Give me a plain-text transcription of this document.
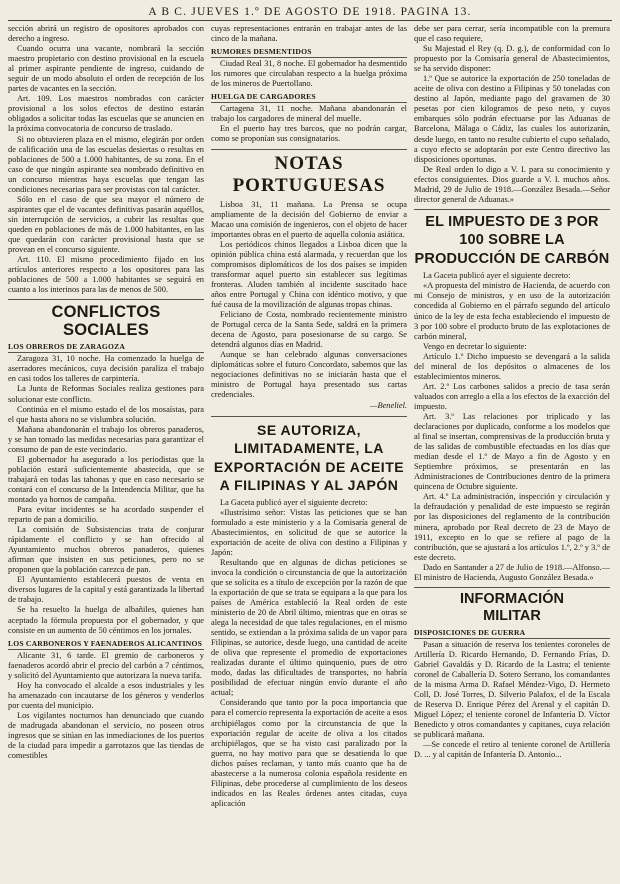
A B C. JUEVES 1.º DE AGOSTO DE 1918. PAGINA 13.

sección abrirá un registro de opositores aprobados con derecho a ingreso.

Cuando ocurra una vacante, nombrará la sección maestro propietario con destino provisional en la escuela al primer aspirante pendiente de ingreso, cuidando de seguir de un modo absoluto el orden de recepción de los partes de vacantes en la sección.

Art. 109. Los maestros nombrados con carácter provisional a los solos efectos de destino estarán obligados a solicitar todas las escuelas que se anuncien en la próxima convocatoria de concurso de traslado.

Si no obtuvieren plaza en el mismo, elegirán por orden de calificación una de las escuelas desiertas o resultas en poblaciones de 500 a 1.000 habitantes, de su zona. En el caso de que ningún aspirante sea nombrado definitivo en un concurso mientras haya escuelas que tengan las condiciones necesarias para ser provistas con tal carácter.

Sólo en el caso de que sea mayor el número de aspirantes que el de vacantes definitivas pasarán aquéllos, sin interrupción de servicios, a cubrir las resultas que queden en poblaciones de más de 1.000 habitantes, en las que quedarán con carácter provisional hasta que se provean en el concurso siguiente.

Art. 110. El mismo procedimiento fijado en los artículos anteriores respecto a los opositores para las poblaciones de 500 a 1.000 habitantes se seguirá en cuanto a los interinos para las de menos de 500.

CONFLICTOS SOCIALES
LOS OBREROS DE ZARAGOZA

Zaragoza 31, 10 noche. Ha comenzado la huelga de aserradores mecánicos, cuya decisión paraliza el trabajo en casi todos los talleres de carpintería.

La Junta de Reformas Sociales realiza gestiones para solucionar este conflicto.

Continúa en el mismo estado el de los mosaístas, para el que hasta ahora no se vislumbra solución.

Mañana abandonarán el trabajo los obreros panaderos, y se han tomado las medidas necesarias para garantizar el consumo de pan de este vecindario.

El gobernador ha asegurado a los periodistas que la población estará suficientemente abastecida, que se trabajará en todas las tahonas y que en caso necesario se contará con el concurso de la Intendencia Militar, que ha montado ya hornos de campaña.

Para evitar incidentes se ha acordado suspender el reparto de pan a domicilio.

La comisión de Subsistencias trata de conjurar rápidamente el conflicto y se han ofrecido al Ayuntamiento muchos obreros panaderos, quienes afirman que insisten en sus peticiones, pero no se proponen que la población carezca de pan.

El Ayuntamiento establecerá puestos de venta en diversos lugares de la capital y está garantizada la libertad de trabajo.

Se ha resuelto la huelga de albañiles, quienes han aceptado la fórmula propuesta por el gobernador, y que consiste en un aumento de 50 céntimos en los jornales.

LOS CARBONEROS Y FAENADEROS ALICANTINOS

Alicante 31, 6 tarde. El gremio de carboneros y faenaderos acordó abrir el precio del carbón a 7 céntimos, y solicitó del Ayuntamiento que autorizara la nueva tarifa.

Hoy ha convocado el alcalde a esos industriales y les ha amenazado con incautarse de los géneros y venderlos por cuenta del municipio.

Los vigilantes nocturnos han denunciado que cuando de madrugada abandonan el servicio, no poseen otros ingresos que se sitúan en las inmediaciones de los puertos de la ciudad para impedir a garrotazos que las tiendas de comestibles

cuyas representaciones entrarán en trabajar antes de las cinco de la mañana.

RUMORES DESMENTIDOS

Ciudad Real 31, 8 noche. El gobernador ha desmentido los rumores que circulaban respecto a la huelga próxima de los mineros de Puertollano.

HUELGA DE CARGADORES

Cartagena 31, 11 noche. Mañana abandonarán el trabajo los cargadores de mineral del muelle.

En el puerto hay tres barcos, que no podrán cargar, como se proponían sus consignatarios.

NOTAS PORTUGUESAS

Lisboa 31, 11 mañana. La Prensa se ocupa ampliamente de la decisión del Gobierno de enviar a Macao una comisión de ingenieros, con el objeto de hacer importantes obras en el puerto de aquella colonia asiática.

Los periódicos chinos llegados a Lisboa dicen que la opinión pública china está alarmada, y recuerdan que los compromisos diplomáticos de los dos países se impiden transformar aquel puerto sin establecer sus legítimas fronteras. Aluden también al incidente suscitado hace años entre Portugal y China con idéntico motivo, y que fué causa de la movilización de algunas tropas chinas.

Feliciano de Costa, nombrado recientemente ministro de Portugal cerca de la Santa Sede, saldrá en la primera decena de Agosto, para posesionarse de su cargo. Se detendrá algunos días en Madrid.

Aunque se han celebrado algunas conversaciones diplomáticas sobre el futuro Concordato, sabemos que las negociaciones definitivas no se iniciarán hasta que el ministro de Portugal haya presentado sus cartas credenciales.

—Beneliel.
SE AUTORIZA, LIMITADAMENTE, LA EXPORTACIÓN DE ACEITE A FILIPINAS Y AL JAPÓN

La Gaceta publicó ayer el siguiente decreto:

«Ilustrísimo señor: Vistas las peticiones que se han formulado a este ministerio y a la Comisaría general de Abastecimientos, en solicitud de que se autorice la exportación de aceite de oliva con destino a Filipinas y Japón:

Resultando que en algunas de dichas peticiones se invoca la condición o circunstancia de que la autorización que se solicita es a título de excepción por la razón de que la exportación de que se trata se equipara a la que para los países de América estableció la Real orden de este ministerio de 20 de Abril último, mientras que en otras se alega la necesidad de que tales regulaciones, en el mismo sentido, se extiendan a la próxima salida de un vapor para Filipinas, se autorice, desde luego, una cantidad de aceite de oliva que represente el promedio de exportaciones realizadas durante el último quinquenio, pues de otro modo, dadas las dificultades de transportes, no habría posibilidad de efectuar ningún envío durante el año actual;

Considerando que tanto por la poca importancia que para el comercio representa la exportación de aceite a esos archipiélagos como por la circunstancia de que la exportación regular de aceite de oliva a los citados archipiélagos, que se ha visto casi paralizado por la guerra, no hay motivo para que se desatienda lo que dichos países reclaman, y tanto más cuanto que ha de abastecerse a la numerosa colonia española residente en Filipinas, debe procederse al cumplimiento de los deseos indicados en las Reales órdenes antes citadas, cuya aplicación

debe ser para cerrar, sería incompatible con la premura que el caso requiere,

Su Majestad el Rey (q. D. g.), de conformidad con lo propuesto por la Comisaría general de Abastecimientos, se ha servido disponer:

1.º Que se autorice la exportación de 250 toneladas de aceite de oliva con destino a Filipinas y 50 toneladas con destino al Japón, mediante pago del gravamen de 30 pesetas por cien kilogramos de peso neto, y cuyos embarques sólo podrán efectuarse por las Aduanas de Barcelona, Málaga o Cádiz, las cuales los autorizarán, desde luego, en tanto no resulte cubierto el cupo señalado, a cuyo efecto se adoptarán por este Centro directivo las disposiciones oportunas.

De Real orden lo digo a V. I. para su conocimiento y efectos consiguientes. Dios guarde a V. I. muchos años. Madrid, 29 de Julio de 1918.—González Besada.—Señor director general de Aduanas.»

EL IMPUESTO DE 3 POR 100 SOBRE LA PRODUCCIÓN DE CARBÓN

La Gaceta publicó ayer el siguiente decreto:

«A propuesta del ministro de Hacienda, de acuerdo con mi Consejo de ministros, y en uso de la autorización concedida al Gobierno en el párrafo segundo del artículo único de la ley de esta fecha estableciendo el impuesto de 3 por 100 sobre el producto bruto de las explotaciones de carbón mineral,

Vengo en decretar lo siguiente:

Artículo 1.º Dicho impuesto se devengará a la salida del mineral de los depósitos o almacenes de los establecimientos mineros.

Art. 2.º Los carbones salidos a precio de tasa serán valuados con arreglo a ella a los efectos de la exacción del impuesto.

Art. 3.º Las relaciones por triplicado y las declaraciones por duplicado, conforme a los modelos que al final se insertan, comprensivas de la producción bruta y de las salidas de combustible efectuadas en los días que median desde el 1.º de Mayo a fin de Agosto y en Septiembre próximos, se presentarán en las Administraciones de Contribuciones dentro de la primera quincena de Octubre siguiente.

Art. 4.º La administración, inspección y circulación y la defraudación y penalidad de este impuesto se regirán por las disposiciones del reglamento de la contribución minera, aprobado por Real decreto de 23 de Mayo de 1911, excepto en lo que se refiere al pago de la contribución, que se ajustará a los artículos 1.º, 2.º y 3.º de este decreto.

Dado en Santander a 27 de Julio de 1918.—Alfonso.—El ministro de Hacienda, Augusto González Besada.»

INFORMACIÓN
MILITAR
DISPOSICIONES DE GUERRA

Pasan a situación de reserva los tenientes coroneles de Artillería D. Ricardo Hernando, D. Fernando Frías, D. Gabriel Gavaldás y D. Ricardo de la Lastra; el teniente coronel de Caballería D. Sotero Serrano, los comandantes de la misma Arma D. Rafael Méndez-Vigo, D. Hermeto Coll, D. José Torres, D. Silverio Palafox, el de la Escala de Reserva D. Enrique Pérez del Arenal y el capitán D. Miguel López; el teniente coronel de Infantería D. Víctor Benedicto y otros comandantes y capitanes, cuya relación se publicará mañana.

—Se concede el retiro al teniente coronel de Artillería D. ... y al capitán de Infantería D. Antonio...
